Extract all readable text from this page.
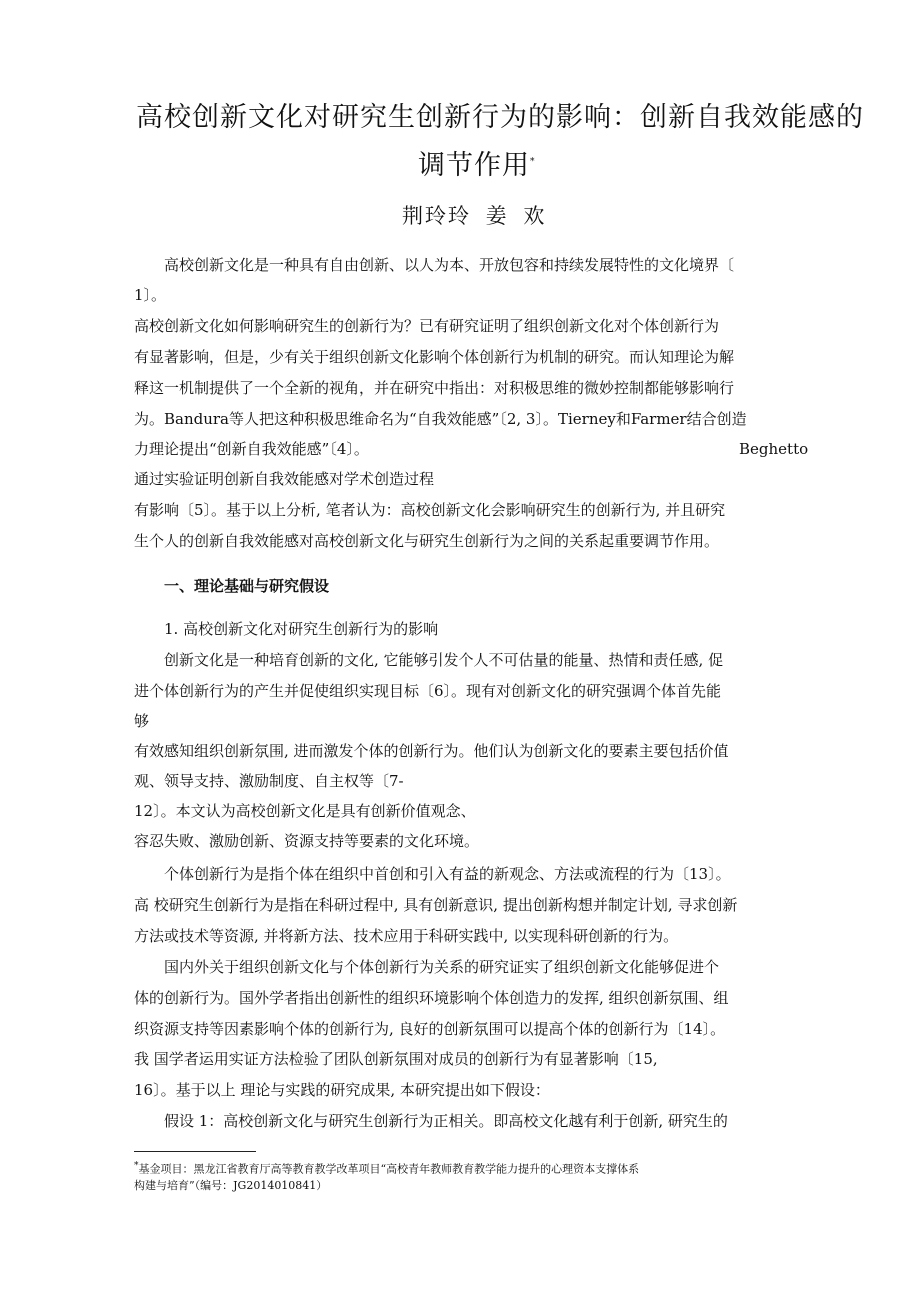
高校创新文化对研究生创新行为的影响：创新自我效能感的
调节作用*
荆玲玲 姜 欢
高校创新文化是一种具有自由创新、以人为本、开放包容和持续发展特性的文化境界〔
1〕。
高校创新文化如何影响研究生的创新行为？已有研究证明了组织创新文化对个体创新行为
有显著影响，但是，少有关于组织创新文化影响个体创新行为机制的研究。而认知理论为解
释这一机制提供了一个全新的视角，并在研究中指出：对积极思维的微妙控制都能够影响行
为。Bandura等人把这种积极思维命名为“自我效能感”〔2, 3〕。Tierney和Farmer结合创造
力理论提出“创新自我效能感”〔4〕。	Beghetto
通过实验证明创新自我效能感对学术创造过程
有影响〔5〕。基于以上分析, 笔者认为：高校创新文化会影响研究生的创新行为, 并且研究
生个人的创新自我效能感对高校创新文化与研究生创新行为之间的关系起重要调节作用。
一、理论基础与研究假设
1. 高校创新文化对研究生创新行为的影响
创新文化是一种培育创新的文化, 它能够引发个人不可估量的能量、热情和责任感, 促
进个体创新行为的产生并促使组织实现目标〔6〕。现有对创新文化的研究强调个体首先能
够
有效感知组织创新氛围, 进而激发个体的创新行为。他们认为创新文化的要素主要包括价值
观、领导支持、激励制度、自主权等〔7-
12〕。本文认为高校创新文化是具有创新价值观念、
容忍失败、激励创新、资源支持等要素的文化环境。
个体创新行为是指个体在组织中首创和引入有益的新观念、方法或流程的行为〔13〕。
高 校研究生创新行为是指在科研过程中, 具有创新意识, 提出创新构想并制定计划, 寻求创新
方法或技术等资源, 并将新方法、技术应用于科研实践中, 以实现科研创新的行为。
国内外关于组织创新文化与个体创新行为关系的研究证实了组织创新文化能够促进个
体的创新行为。国外学者指出创新性的组织环境影响个体创造力的发挥, 组织创新氛围、组
织资源支持等因素影响个体的创新行为, 良好的创新氛围可以提高个体的创新行为〔14〕。
我 国学者运用实证方法检验了团队创新氛围对成员的创新行为有显著影响〔15,
16〕。基于以上 理论与实践的研究成果, 本研究提出如下假设：
假设 1：高校创新文化与研究生创新行为正相关。即高校文化越有利于创新, 研究生的
*基金项目：黑龙江省教育厅高等教育教学改革项目“高校青年教师教育教学能力提升的心理资本支撑体系
构建与培育”（编号：JG2014010841）
